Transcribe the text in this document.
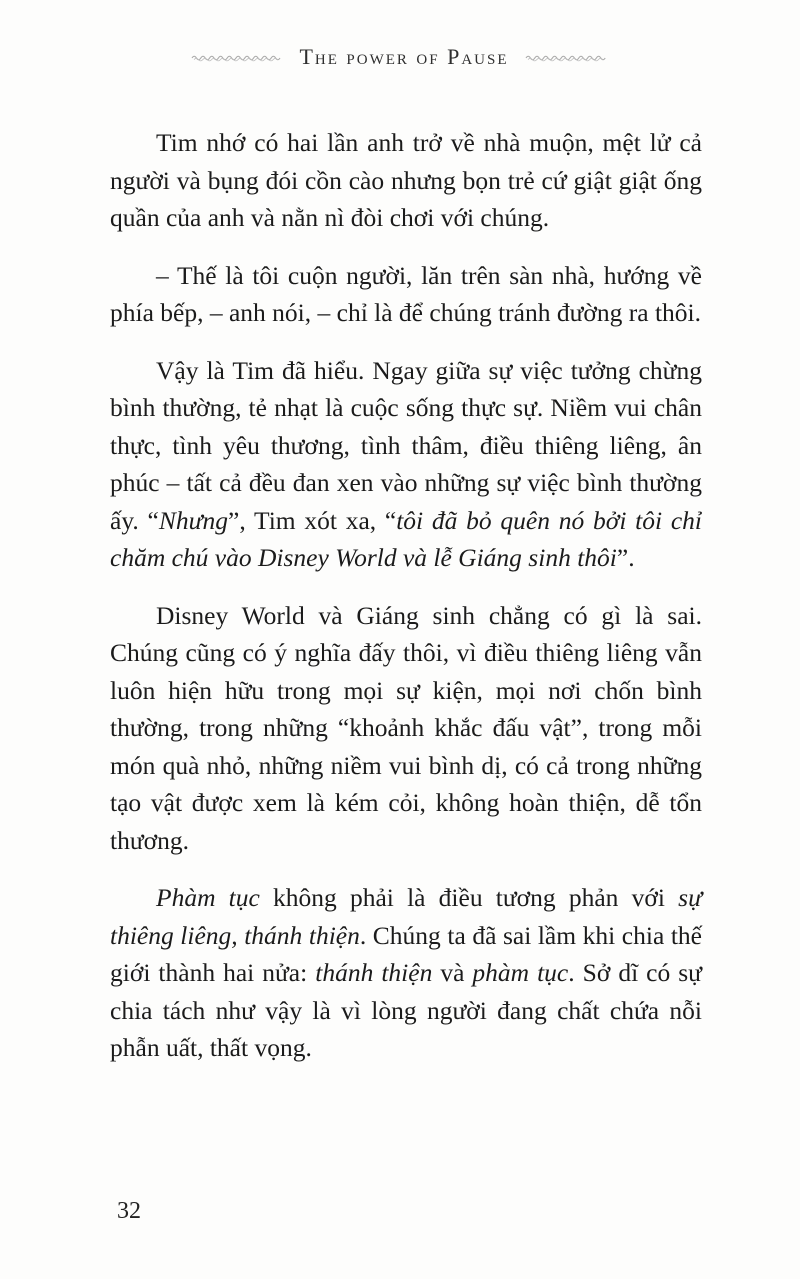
The power of Pause

Tim nhớ có hai lần anh trở về nhà muộn, mệt lử cả người và bụng đói cồn cào nhưng bọn trẻ cứ giật giật ống quần của anh và nằn nì đòi chơi với chúng.

– Thế là tôi cuộn người, lăn trên sàn nhà, hướng về phía bếp, – anh nói, – chỉ là để chúng tránh đường ra thôi.

Vậy là Tim đã hiểu. Ngay giữa sự việc tưởng chừng bình thường, tẻ nhạt là cuộc sống thực sự. Niềm vui chân thực, tình yêu thương, tình thâm, điều thiêng liêng, ân phúc – tất cả đều đan xen vào những sự việc bình thường ấy. “Nhưng”, Tim xót xa, “tôi đã bỏ quên nó bởi tôi chỉ chăm chú vào Disney World và lễ Giáng sinh thôi”.

Disney World và Giáng sinh chẳng có gì là sai. Chúng cũng có ý nghĩa đấy thôi, vì điều thiêng liêng vẫn luôn hiện hữu trong mọi sự kiện, mọi nơi chốn bình thường, trong những “khoảnh khắc đấu vật”, trong mỗi món quà nhỏ, những niềm vui bình dị, có cả trong những tạo vật được xem là kém cỏi, không hoàn thiện, dễ tổn thương.

Phàm tục không phải là điều tương phản với sự thiêng liêng, thánh thiện. Chúng ta đã sai lầm khi chia thế giới thành hai nửa: thánh thiện và phàm tục. Sở dĩ có sự chia tách như vậy là vì lòng người đang chất chứa nỗi phẫn uất, thất vọng.

32
